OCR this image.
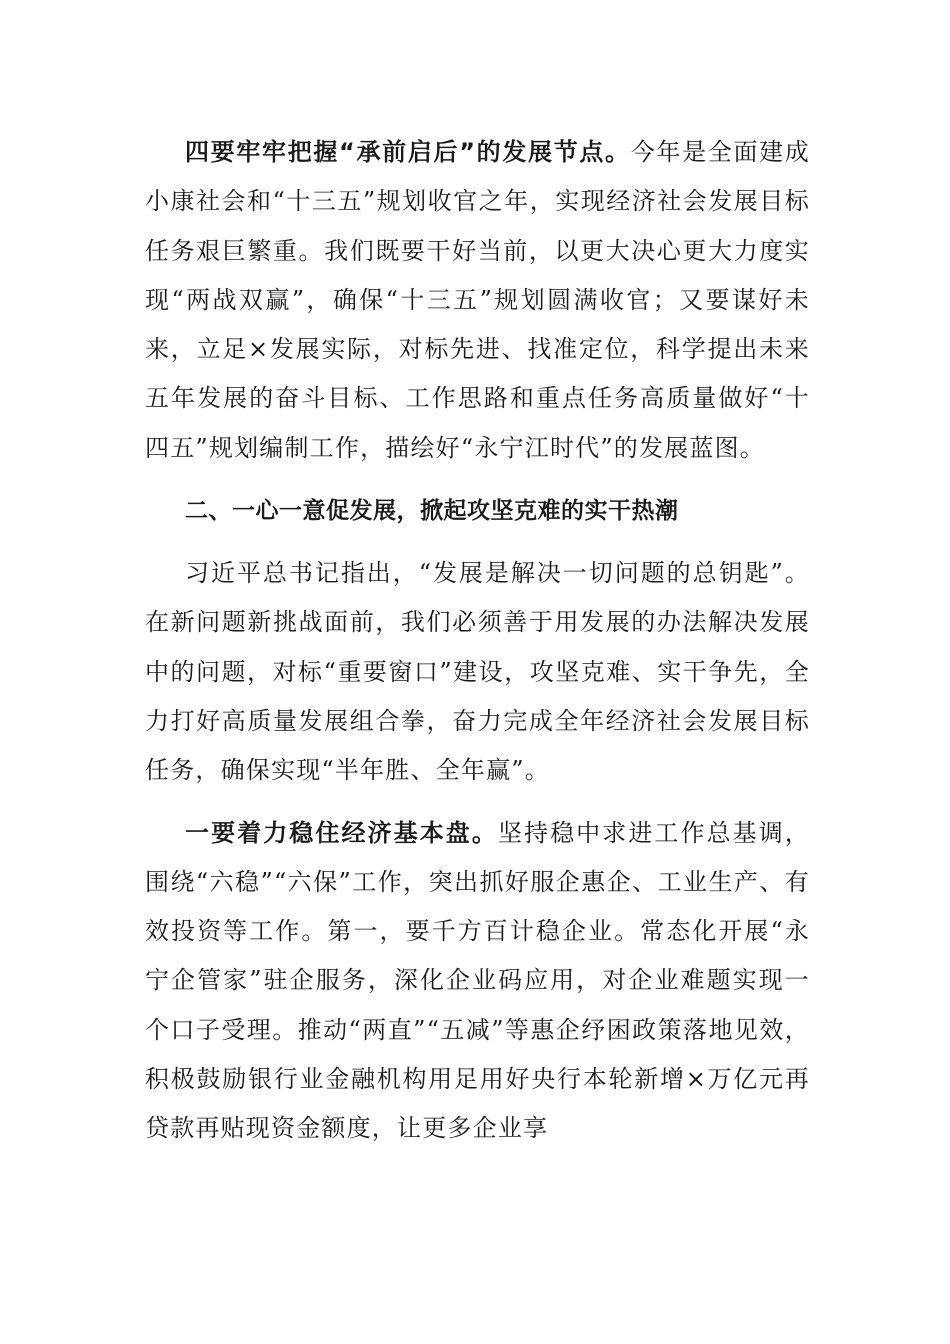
四要牢牢把握“承前启后”的发展节点。今年是全面建成小康社会和“十三五”规划收官之年，实现经济社会发展目标任务艰巨繁重。我们既要干好当前，以更大决心更大力度实现“两战双赢”，确保“十三五”规划圆满收官；又要谋好未来，立足×发展实际，对标先进、找准定位，科学提出未来五年发展的奋斗目标、工作思路和重点任务高质量做好“十四五”规划编制工作，描绘好“永宁江时代”的发展蓝图。

二、一心一意促发展，掀起攻坚克难的实干热潮

习近平总书记指出，“发展是解决一切问题的总钥匙”。在新问题新挑战面前，我们必须善于用发展的办法解决发展中的问题，对标“重要窗口”建设，攻坚克难、实干争先，全力打好高质量发展组合拳，奋力完成全年经济社会发展目标任务，确保实现“半年胜、全年赢”。

一要着力稳住经济基本盘。坚持稳中求进工作总基调，围绕“六稳”“六保”工作，突出抓好服企惠企、工业生产、有效投资等工作。第一，要千方百计稳企业。常态化开展“永宁企管家”驻企服务，深化企业码应用，对企业难题实现一个口子受理。推动“两直”“五减”等惠企纾困政策落地见效，积极鼓励银行业金融机构用足用好央行本轮新增×万亿元再贷款再贴现资金额度，让更多企业享
